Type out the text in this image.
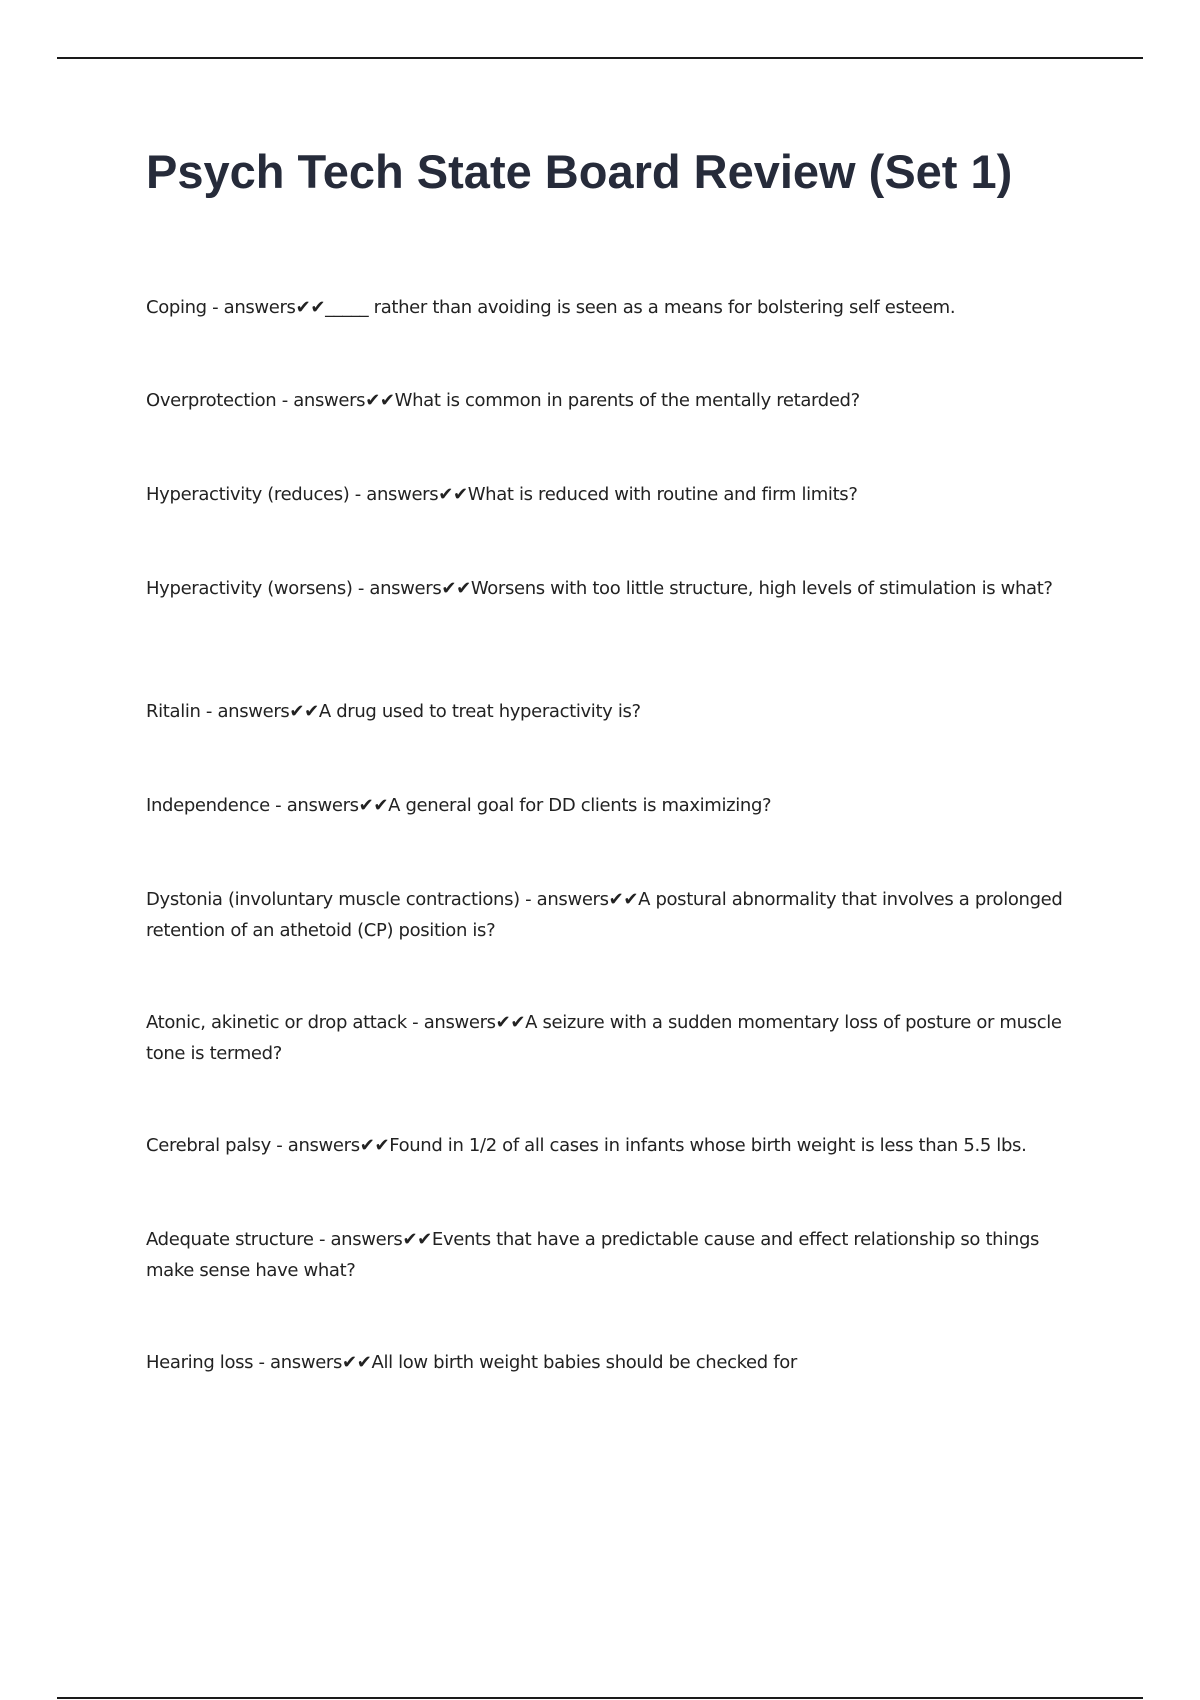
Psych Tech State Board Review (Set 1)
Coping - answers✔✔_____ rather than avoiding is seen as a means for bolstering self esteem.
Overprotection - answers✔✔What is common in parents of the mentally retarded?
Hyperactivity (reduces) - answers✔✔What is reduced with routine and firm limits?
Hyperactivity (worsens) - answers✔✔Worsens with too little structure, high levels of stimulation is what?
Ritalin - answers✔✔A drug used to treat hyperactivity is?
Independence - answers✔✔A general goal for DD clients is maximizing?
Dystonia (involuntary muscle contractions) - answers✔✔A postural abnormality that involves a prolonged retention of an athetoid (CP) position is?
Atonic, akinetic or drop attack - answers✔✔A seizure with a sudden momentary loss of posture or muscle tone is termed?
Cerebral palsy - answers✔✔Found in 1/2 of all cases in infants whose birth weight is less than 5.5 lbs.
Adequate structure - answers✔✔Events that have a predictable cause and effect relationship so things make sense have what?
Hearing loss - answers✔✔All low birth weight babies should be checked for
